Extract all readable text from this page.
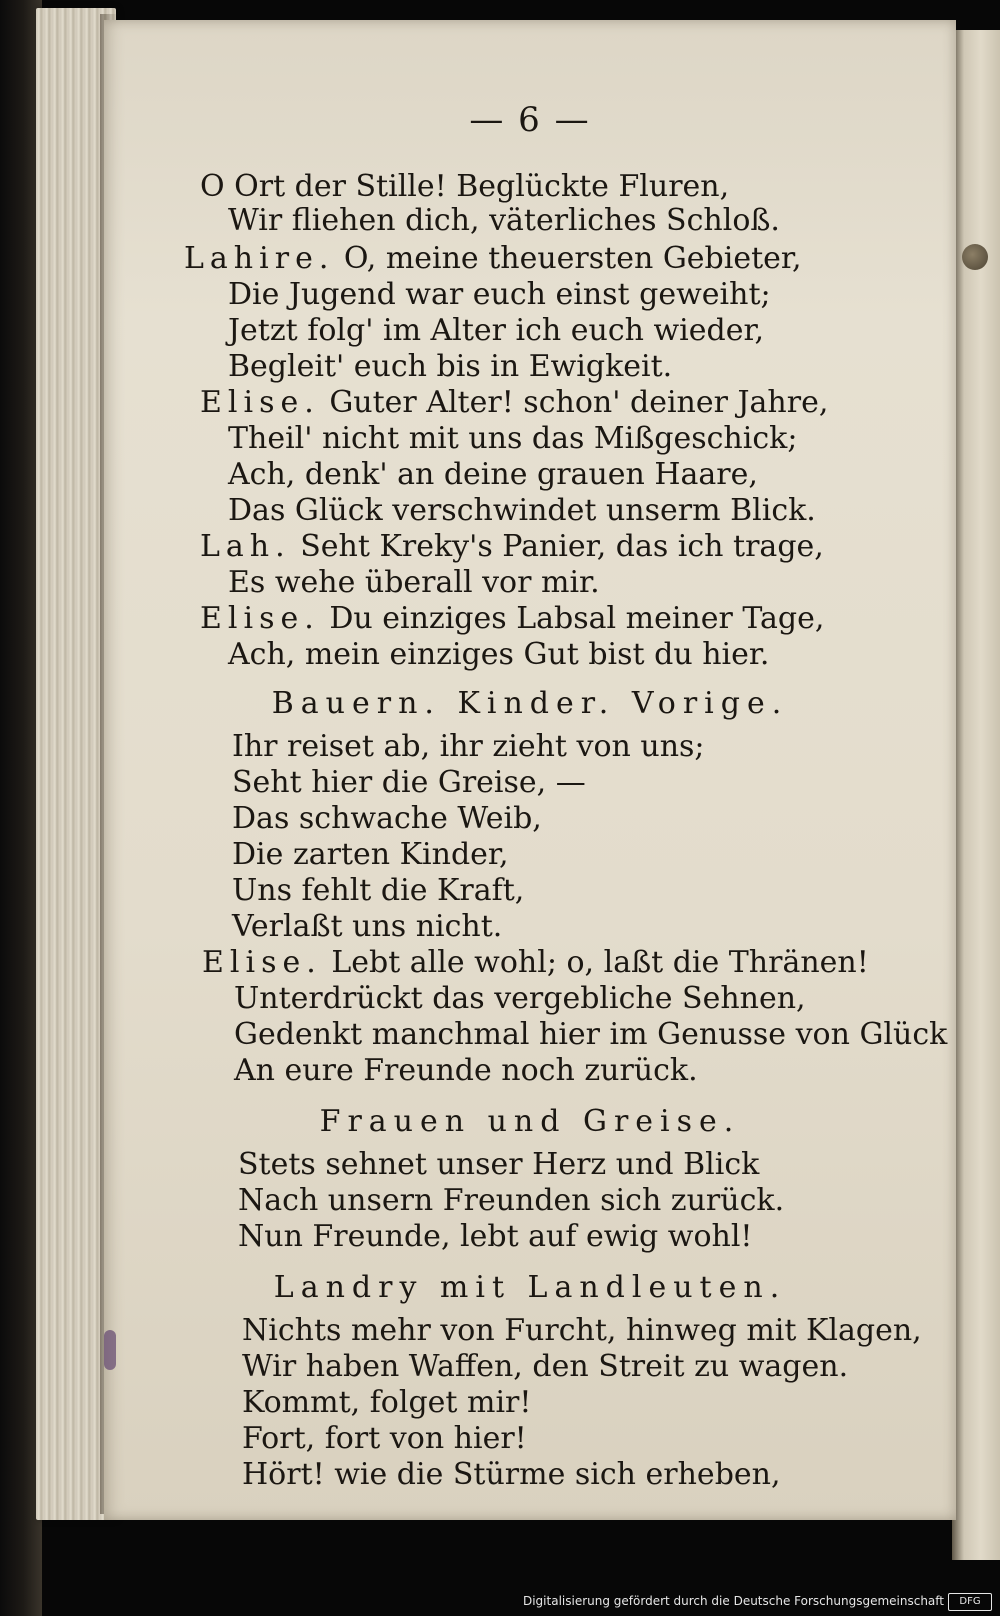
— 6 —
O Ort der Stille! Beglückte Fluren,
Wir fliehen dich, väterliches Schloß.
Lahire. O, meine theuersten Gebieter,
Die Jugend war euch einst geweiht;
Jetzt folg' im Alter ich euch wieder,
Begleit' euch bis in Ewigkeit.
Elise. Guter Alter! schon' deiner Jahre,
Theil' nicht mit uns das Mißgeschick;
Ach, denk' an deine grauen Haare,
Das Glück verschwindet unserm Blick.
Lah. Seht Kreky's Panier, das ich trage,
Es wehe überall vor mir.
Elise. Du einziges Labsal meiner Tage,
Ach, mein einziges Gut bist du hier.
Bauern. Kinder. Vorige.
Ihr reiset ab, ihr zieht von uns;
Seht hier die Greise, —
Das schwache Weib,
Die zarten Kinder,
Uns fehlt die Kraft,
Verlaßt uns nicht.
Elise. Lebt alle wohl; o, laßt die Thränen!
Unterdrückt das vergebliche Sehnen,
Gedenkt manchmal hier im Genusse von Glück
An eure Freunde noch zurück.
Frauen und Greise.
Stets sehnet unser Herz und Blick
Nach unsern Freunden sich zurück.
Nun Freunde, lebt auf ewig wohl!
Landry mit Landleuten.
Nichts mehr von Furcht, hinweg mit Klagen,
Wir haben Waffen, den Streit zu wagen.
Kommt, folget mir!
Fort, fort von hier!
Hört! wie die Stürme sich erheben,
Digitalisierung gefördert durch die Deutsche Forschungsgemeinschaft	DFG
